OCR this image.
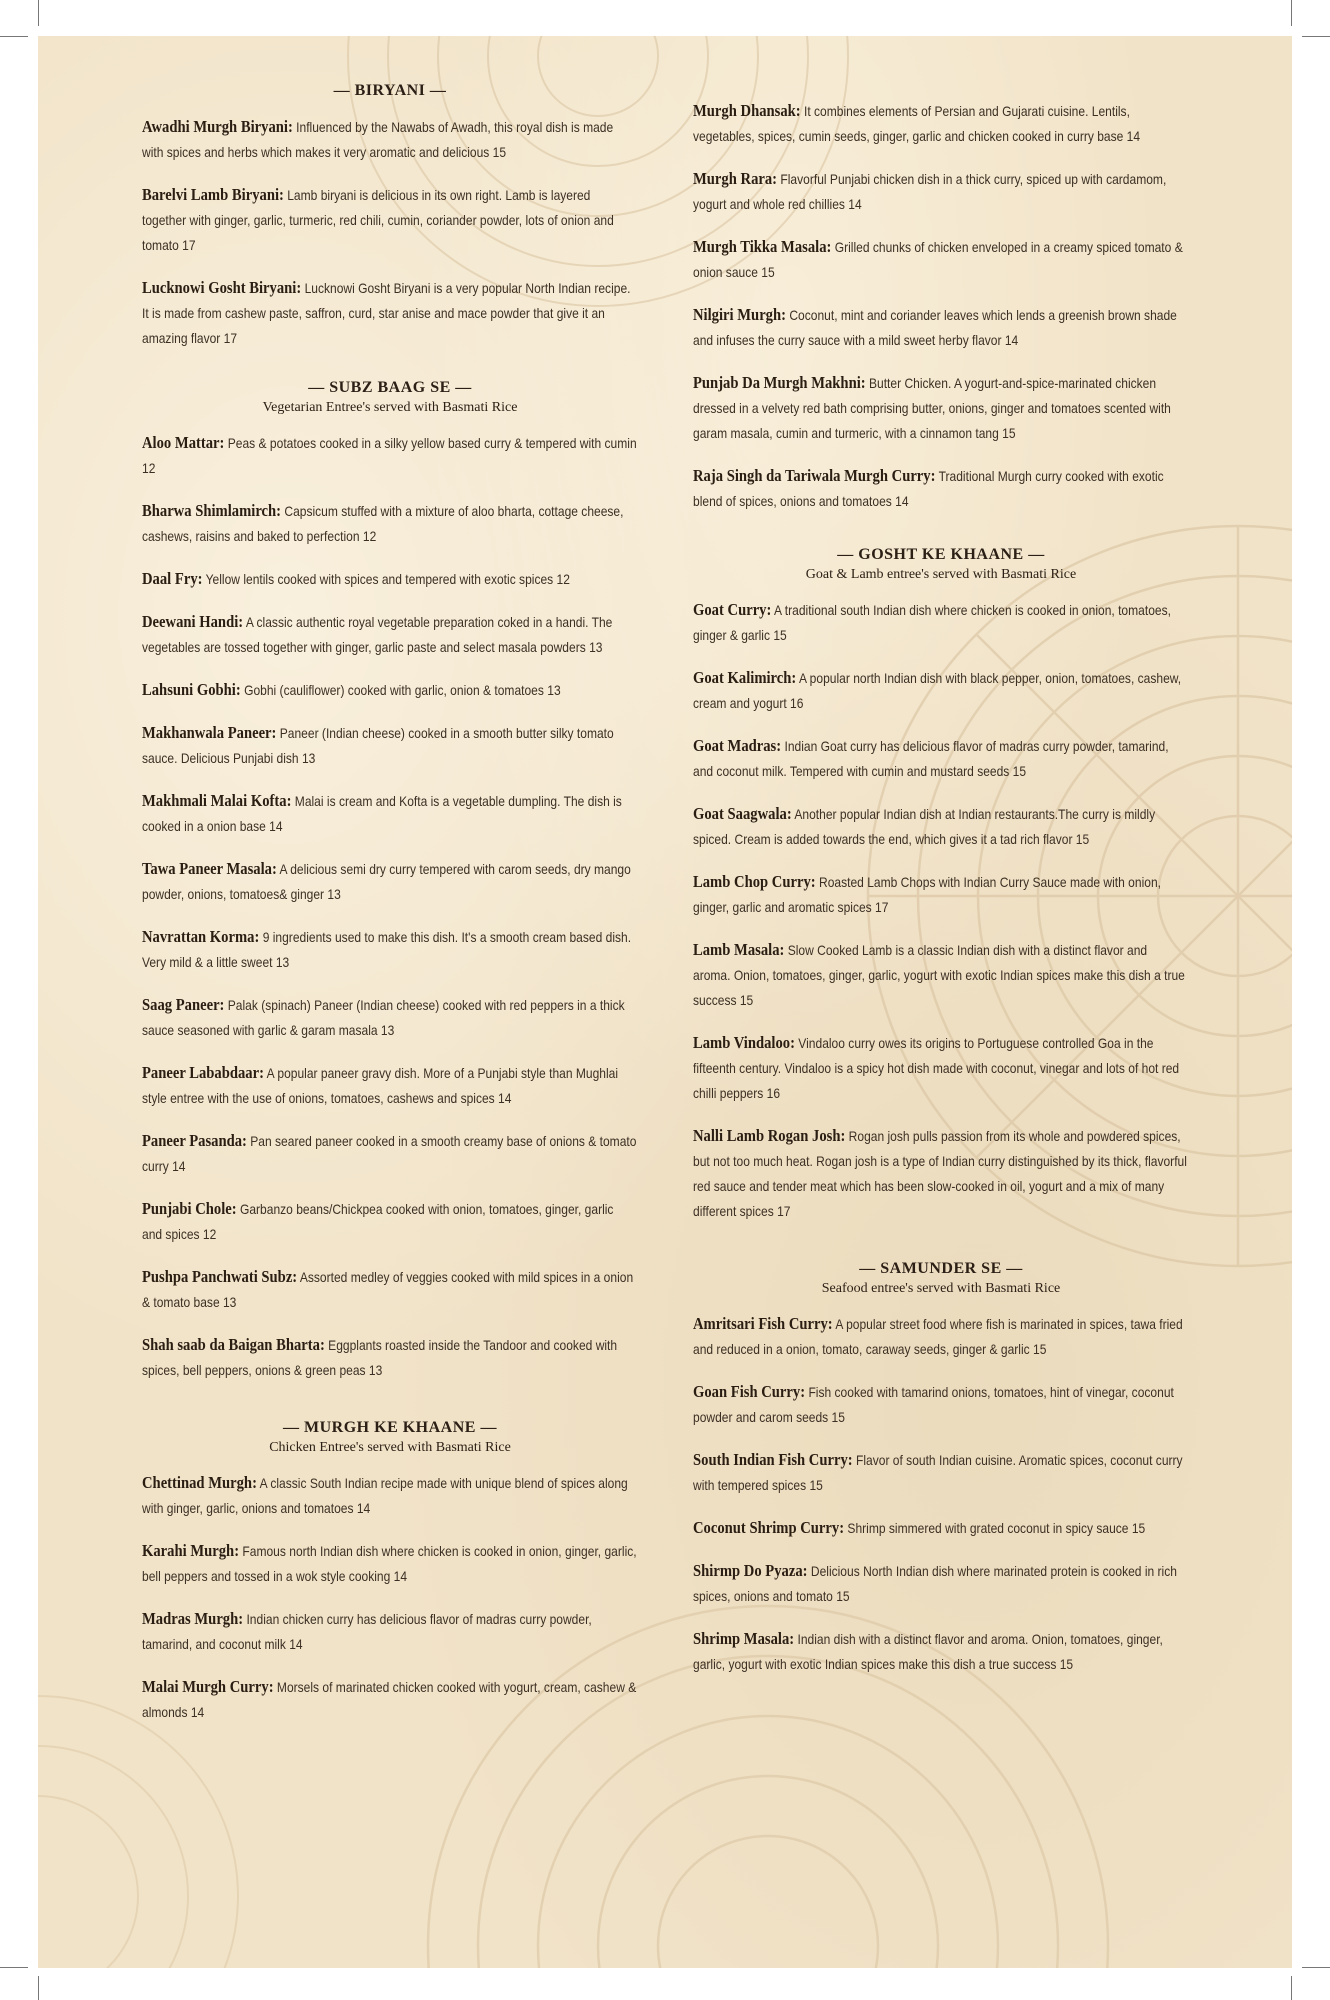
— BIRYANI —

Awadhi Murgh Biryani: Influenced by the Nawabs of Awadh, this royal dish is made with spices and herbs which makes it very aromatic and delicious 15

Barelvi Lamb Biryani: Lamb biryani is delicious in its own right. Lamb is layered together with ginger, garlic, turmeric, red chili, cumin, coriander powder, lots of onion and tomato 17

Lucknowi Gosht Biryani: Lucknowi Gosht Biryani is a very popular North Indian recipe. It is made from cashew paste, saffron, curd, star anise and mace powder that give it an amazing flavor 17

— SUBZ BAAG SE —

Vegetarian Entree's served with Basmati Rice

Aloo Mattar: Peas & potatoes cooked in a silky yellow based curry & tempered with cumin 12

Bharwa Shimlamirch: Capsicum stuffed with a mixture of aloo bharta, cottage cheese, cashews, raisins and baked to perfection 12

Daal Fry: Yellow lentils cooked with spices and tempered with exotic spices 12

Deewani Handi: A classic authentic royal vegetable preparation coked in a handi. The vegetables are tossed together with ginger, garlic paste and select masala powders 13

Lahsuni Gobhi: Gobhi (cauliflower) cooked with garlic, onion & tomatoes 13

Makhanwala Paneer: Paneer (Indian cheese) cooked in a smooth butter silky tomato sauce. Delicious Punjabi dish 13

Makhmali Malai Kofta: Malai is cream and Kofta is a vegetable dumpling. The dish is cooked in a onion base 14

Tawa Paneer Masala: A delicious semi dry curry tempered with carom seeds, dry mango powder, onions, tomatoes& ginger 13

Navrattan Korma: 9 ingredients used to make this dish. It's a smooth cream based dish. Very mild & a little sweet 13

Saag Paneer: Palak (spinach) Paneer (Indian cheese) cooked with red peppers in a thick sauce seasoned with garlic & garam masala 13

Paneer Lababdaar: A popular paneer gravy dish. More of a Punjabi style than Mughlai style entree with the use of onions, tomatoes, cashews and spices 14

Paneer Pasanda: Pan seared paneer cooked in a smooth creamy base of onions & tomato curry 14

Punjabi Chole: Garbanzo beans/Chickpea cooked with onion, tomatoes, ginger, garlic and spices 12

Pushpa Panchwati Subz: Assorted medley of veggies cooked with mild spices in a onion & tomato base 13

Shah saab da Baigan Bharta: Eggplants roasted inside the Tandoor and cooked with spices, bell peppers, onions & green peas 13

— MURGH KE KHAANE —

Chicken Entree's served with Basmati Rice

Chettinad Murgh: A classic South Indian recipe made with unique blend of spices along with ginger, garlic, onions and tomatoes 14

Karahi Murgh: Famous north Indian dish where chicken is cooked in onion, ginger, garlic, bell peppers and tossed in a wok style cooking 14

Madras Murgh: Indian chicken curry has delicious flavor of madras curry powder, tamarind, and coconut milk 14

Malai Murgh Curry: Morsels of marinated chicken cooked with yogurt, cream, cashew & almonds 14

Murgh Dhansak: It combines elements of Persian and Gujarati cuisine. Lentils, vegetables, spices, cumin seeds, ginger, garlic and chicken cooked in curry base 14

Murgh Rara: Flavorful Punjabi chicken dish in a thick curry, spiced up with cardamom, yogurt and whole red chillies 14

Murgh Tikka Masala: Grilled chunks of chicken enveloped in a creamy spiced tomato & onion sauce 15

Nilgiri Murgh: Coconut, mint and coriander leaves which lends a greenish brown shade and infuses the curry sauce with a mild sweet herby flavor 14

Punjab Da Murgh Makhni: Butter Chicken. A yogurt-and-spice-marinated chicken dressed in a velvety red bath comprising butter, onions, ginger and tomatoes scented with garam masala, cumin and turmeric, with a cinnamon tang 15

Raja Singh da Tariwala Murgh Curry: Traditional Murgh curry cooked with exotic blend of spices, onions and tomatoes 14

— GOSHT KE KHAANE —

Goat & Lamb entree's served with Basmati Rice

Goat Curry: A traditional south Indian dish where chicken is cooked in onion, tomatoes, ginger & garlic 15

Goat Kalimirch: A popular north Indian dish with black pepper, onion, tomatoes, cashew, cream and yogurt 16

Goat Madras: Indian Goat curry has delicious flavor of madras curry powder, tamarind, and coconut milk. Tempered with cumin and mustard seeds 15

Goat Saagwala: Another popular Indian dish at Indian restaurants.The curry is mildly spiced. Cream is added towards the end, which gives it a tad rich flavor 15

Lamb Chop Curry: Roasted Lamb Chops with Indian Curry Sauce made with onion, ginger, garlic and aromatic spices 17

Lamb Masala: Slow Cooked Lamb is a classic Indian dish with a distinct flavor and aroma. Onion, tomatoes, ginger, garlic, yogurt with exotic Indian spices make this dish a true success 15

Lamb Vindaloo: Vindaloo curry owes its origins to Portuguese controlled Goa in the fifteenth century. Vindaloo is a spicy hot dish made with coconut, vinegar and lots of hot red chilli peppers 16

Nalli Lamb Rogan Josh: Rogan josh pulls passion from its whole and powdered spices, but not too much heat. Rogan josh is a type of Indian curry distinguished by its thick, flavorful red sauce and tender meat which has been slow-cooked in oil, yogurt and a mix of many different spices 17

— SAMUNDER SE —

Seafood entree's served with Basmati Rice

Amritsari Fish Curry: A popular street food where fish is marinated in spices, tawa fried and reduced in a onion, tomato, caraway seeds, ginger & garlic 15

Goan Fish Curry: Fish cooked with tamarind onions, tomatoes, hint of vinegar, coconut powder and carom seeds 15

South Indian Fish Curry: Flavor of south Indian cuisine. Aromatic spices, coconut curry with tempered spices 15

Coconut Shrimp Curry: Shrimp simmered with grated coconut in spicy sauce 15

Shirmp Do Pyaza: Delicious North Indian dish where marinated protein is cooked in rich spices, onions and tomato 15

Shrimp Masala: Indian dish with a distinct flavor and aroma. Onion, tomatoes, ginger, garlic, yogurt with exotic Indian spices make this dish a true success 15
